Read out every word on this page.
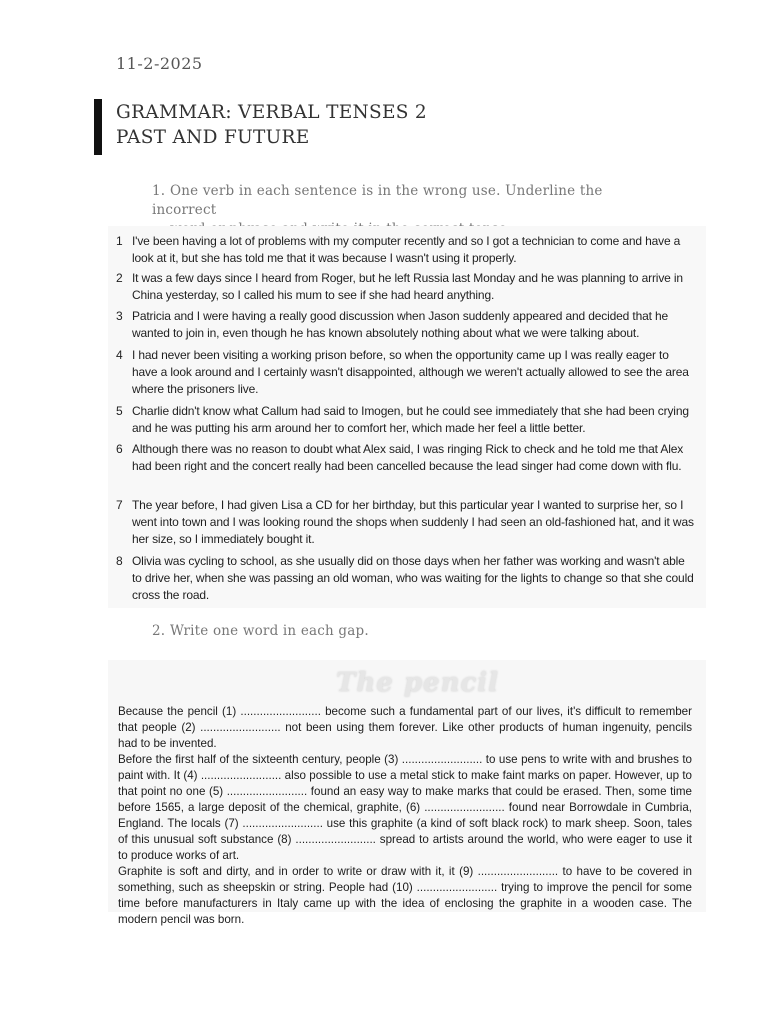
11-2-2025
GRAMMAR: VERBAL TENSES 2
PAST AND FUTURE
1. One verb in each sentence is in the wrong use. Underline the incorrect
1 I've been having a lot of problems with my computer recently and so I got a technician to come and have a look at it, but she has told me that it was because I wasn't using it properly.
2 It was a few days since I heard from Roger, but he left Russia last Monday and he was planning to arrive in China yesterday, so I called his mum to see if she had heard anything.
3 Patricia and I were having a really good discussion when Jason suddenly appeared and decided that he wanted to join in, even though he has known absolutely nothing about what we were talking about.
4 I had never been visiting a working prison before, so when the opportunity came up I was really eager to have a look around and I certainly wasn't disappointed, although we weren't actually allowed to see the area where the prisoners live.
5 Charlie didn't know what Callum had said to Imogen, but he could see immediately that she had been crying and he was putting his arm around her to comfort her, which made her feel a little better.
6 Although there was no reason to doubt what Alex said, I was ringing Rick to check and he told me that Alex had been right and the concert really had been cancelled because the lead singer had come down with flu.
7 The year before, I had given Lisa a CD for her birthday, but this particular year I wanted to surprise her, so I went into town and I was looking round the shops when suddenly I had seen an old-fashioned hat, and it was her size, so I immediately bought it.
8 Olivia was cycling to school, as she usually did on those days when her father was working and wasn't able to drive her, when she was passing an old woman, who was waiting for the lights to change so that she could cross the road.
2. Write one word in each gap.
The pencil

Because the pencil (1) ......................... become such a fundamental part of our lives, it's difficult to remember that people (2) ......................... not been using them forever. Like other products of human ingenuity, pencils had to be invented.

Before the first half of the sixteenth century, people (3) ......................... to use pens to write with and brushes to paint with. It (4) ......................... also possible to use a metal stick to make faint marks on paper. However, up to that point no one (5) ......................... found an easy way to make marks that could be erased. Then, some time before 1565, a large deposit of the chemical, graphite, (6) ......................... found near Borrowdale in Cumbria, England. The locals (7) ......................... use this graphite (a kind of soft black rock) to mark sheep. Soon, tales of this unusual soft substance (8) ......................... spread to artists around the world, who were eager to use it to produce works of art.

Graphite is soft and dirty, and in order to write or draw with it, it (9) ......................... to have to be covered in something, such as sheepskin or string. People had (10) ......................... trying to improve the pencil for some time before manufacturers in Italy came up with the idea of enclosing the graphite in a wooden case. The modern pencil was born.
